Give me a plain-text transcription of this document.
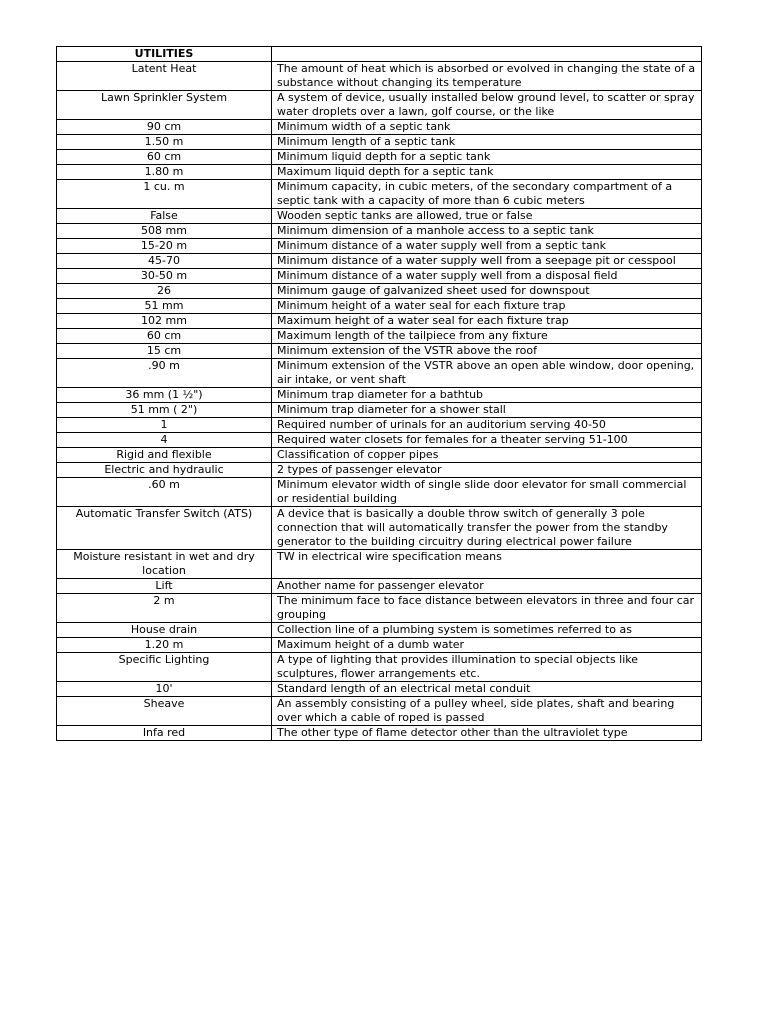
UTILITIES	
Latent Heat	The amount of heat which is absorbed or evolved in changing the state of a substance without changing its temperature
Lawn Sprinkler System	A system of device, usually installed below ground level, to scatter or spray water droplets over a lawn, golf course, or the like
90 cm	Minimum width of a septic tank
1.50 m	Minimum length of a septic tank
60 cm	Minimum liquid depth for a septic tank
1.80 m	Maximum liquid depth for a septic tank
1 cu. m	Minimum capacity, in cubic meters, of the secondary compartment of a septic tank with a capacity of more than 6 cubic meters
False	Wooden septic tanks are allowed, true or false
508 mm	Minimum dimension of a manhole access to a septic tank
15-20 m	Minimum distance of a water supply well from a septic tank
45-70	Minimum distance of a water supply well from a seepage pit or cesspool
30-50 m	Minimum distance of a water supply well from a disposal field
26	Minimum gauge of galvanized sheet used for downspout
51 mm	Minimum height of a water seal for each fixture trap
102 mm	Maximum height of a water seal for each fixture trap
60 cm	Maximum length of the tailpiece from any fixture
15 cm	Minimum extension of the VSTR above the roof
.90 m	Minimum extension of the VSTR above an open able window, door opening, air intake, or vent shaft
36 mm (1 ½")	Minimum trap diameter for a bathtub
51 mm ( 2")	Minimum trap diameter for a shower stall
1	Required number of urinals for an auditorium serving 40-50
4	Required water closets for females for a theater serving 51-100
Rigid and flexible	Classification of copper pipes
Electric and hydraulic	2 types of passenger elevator
.60 m	Minimum elevator width of single slide door elevator for small commercial or residential building
Automatic Transfer Switch (ATS)	A device that is basically a double throw switch of generally 3 pole connection that will automatically transfer the power from the standby generator to the building circuitry during electrical power failure
Moisture resistant in wet and dry location	TW in electrical wire specification means
Lift	Another name for passenger elevator
2 m	The minimum face to face distance between elevators in three and four car grouping
House drain	Collection line of a plumbing system is sometimes referred to as
1.20 m	Maximum height of a dumb water
Specific Lighting	A type of lighting that provides illumination to special objects like sculptures, flower arrangements etc.
10'	Standard length of an electrical metal conduit
Sheave	An assembly consisting of a pulley wheel, side plates, shaft and bearing over which a cable of roped is passed
Infa red	The other type of flame detector other than the ultraviolet type
